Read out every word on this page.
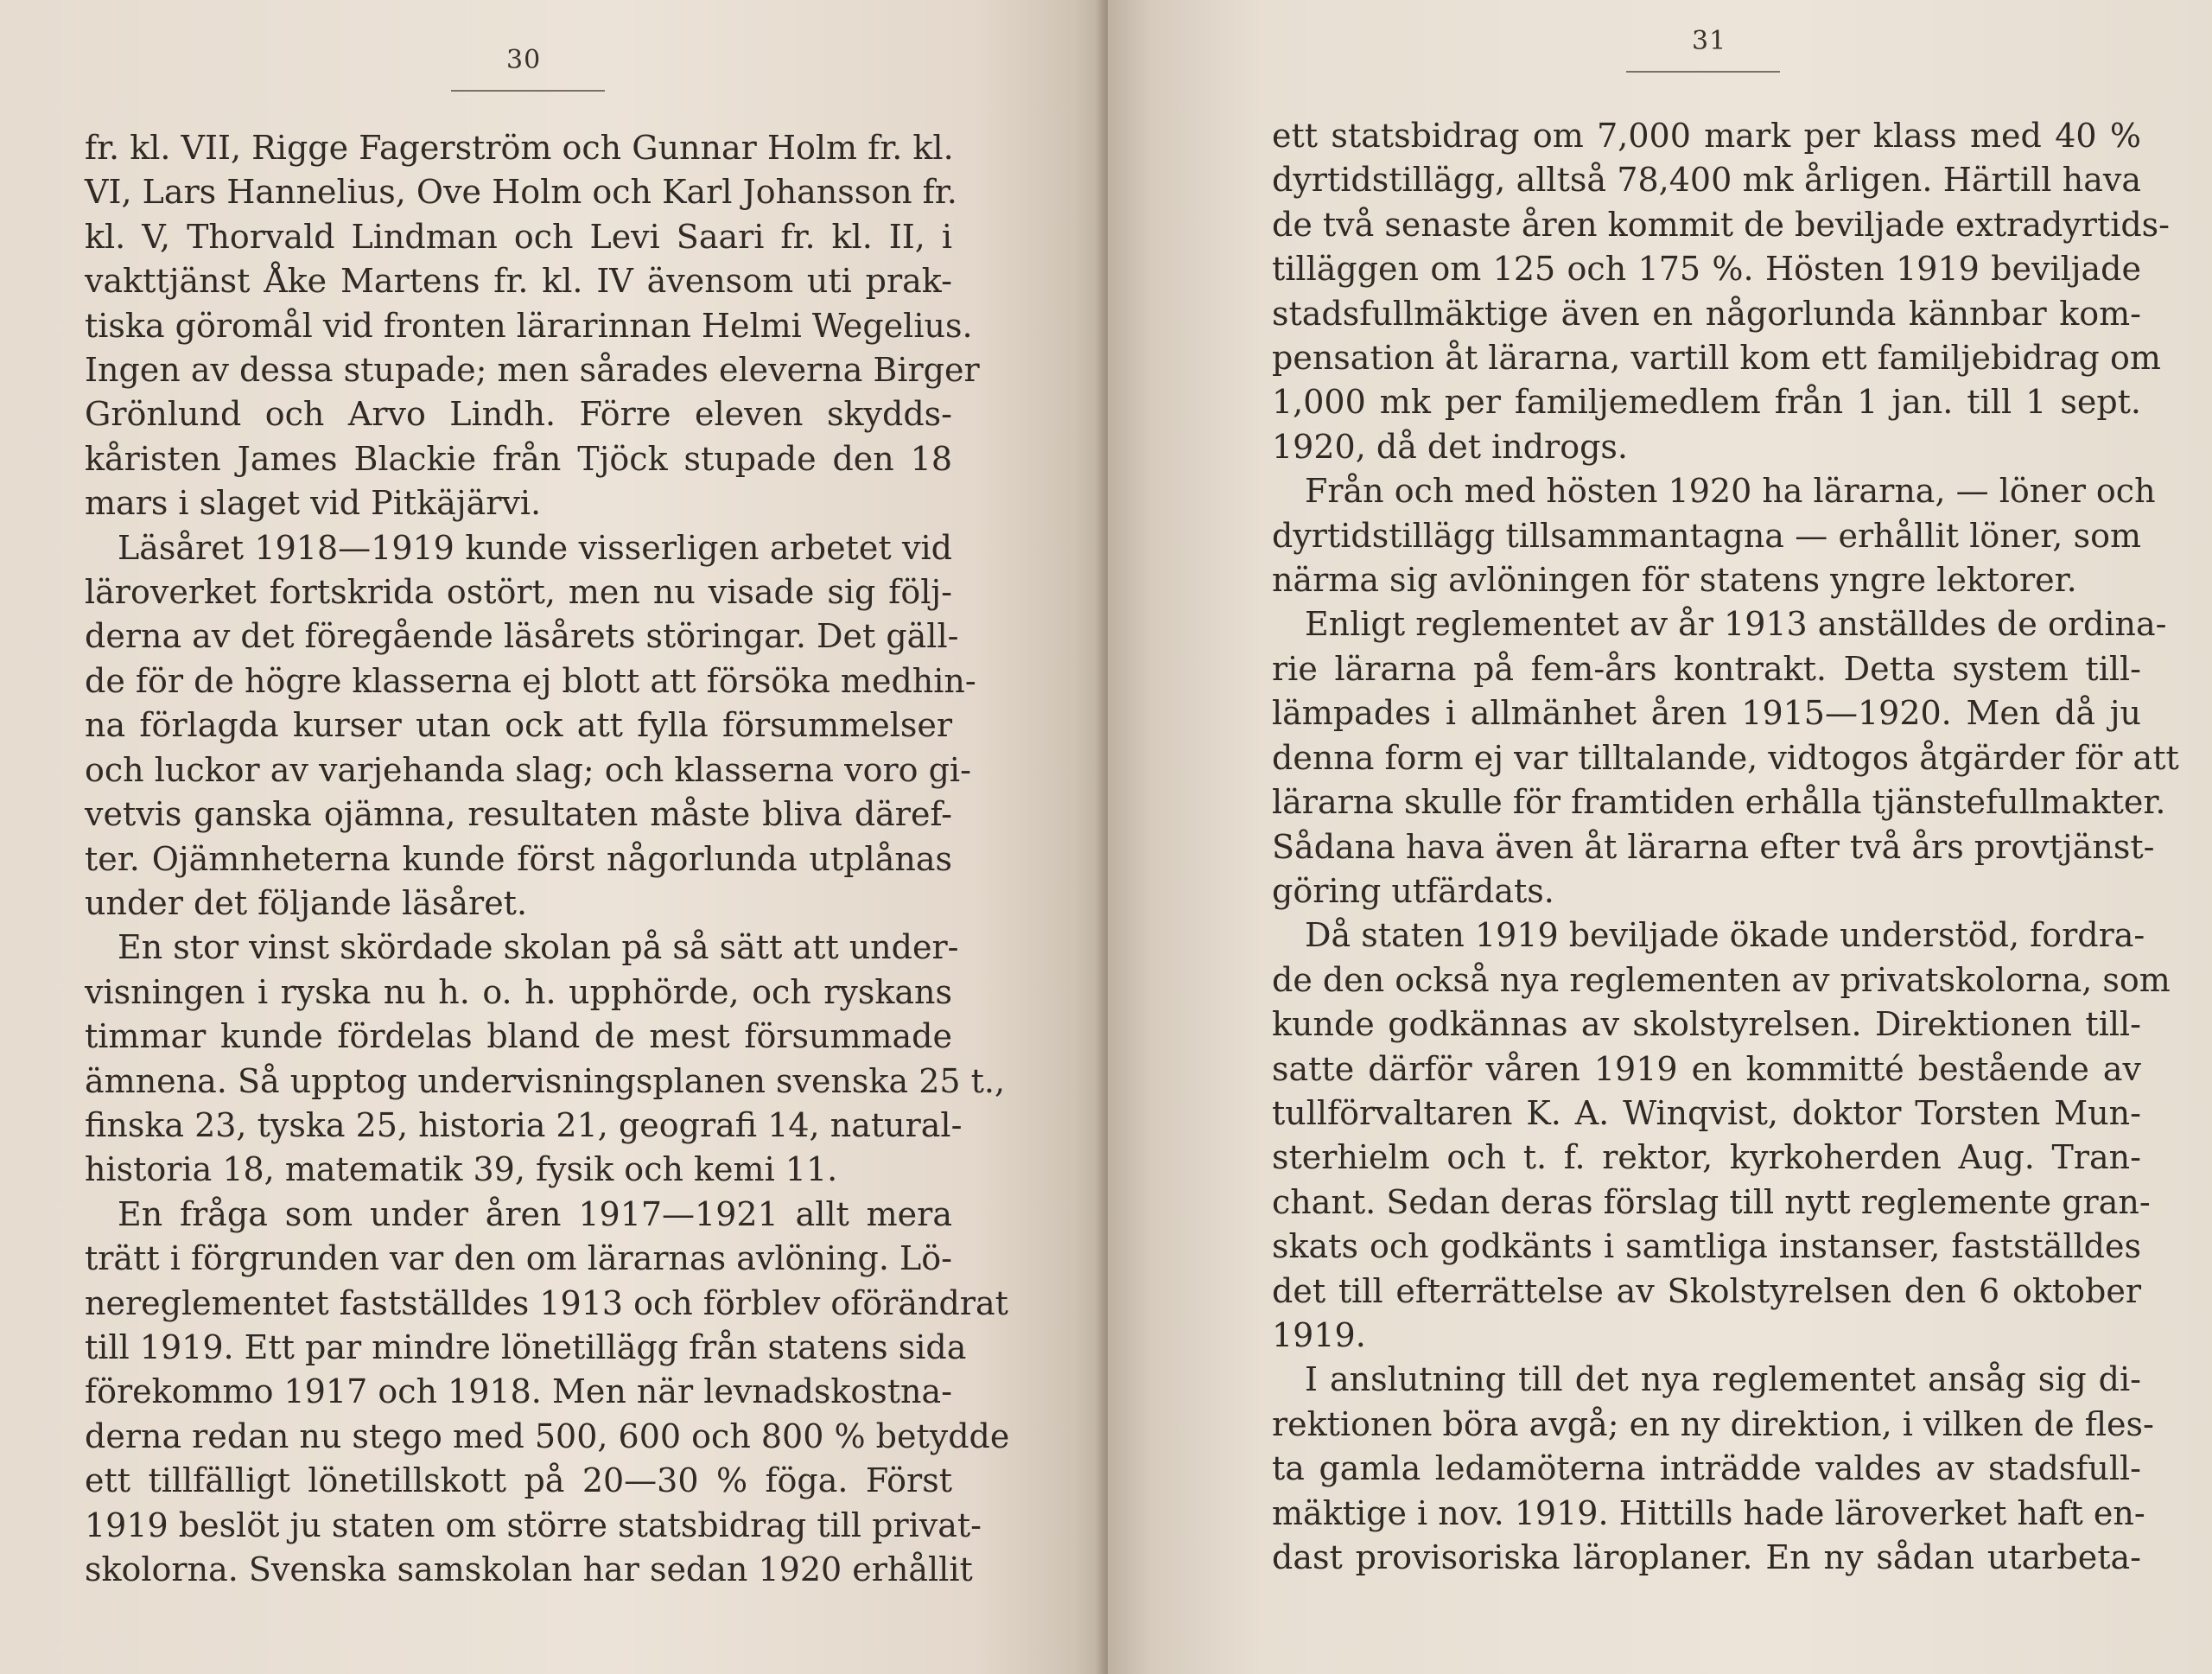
30
fr. kl. VII, Rigge Fagerström och Gunnar Holm fr. kl.
VI, Lars Hannelius, Ove Holm och Karl Johansson fr.
kl. V, Thorvald Lindman och Levi Saari fr. kl. II, i
vakttjänst Åke Martens fr. kl. IV ävensom uti prak-
tiska göromål vid fronten lärarinnan Helmi Wegelius.
Ingen av dessa stupade; men sårades eleverna Birger
Grönlund och Arvo Lindh. Förre eleven skydds-
kåristen James Blackie från Tjöck stupade den 18
mars i slaget vid Pitkäjärvi.
Läsåret 1918—1919 kunde visserligen arbetet vid
läroverket fortskrida ostört, men nu visade sig följ-
derna av det föregående läsårets störingar. Det gäll-
de för de högre klasserna ej blott att försöka medhin-
na förlagda kurser utan ock att fylla försummelser
och luckor av varjehanda slag; och klasserna voro gi-
vetvis ganska ojämna, resultaten måste bliva däref-
ter. Ojämnheterna kunde först någorlunda utplånas
under det följande läsåret.
En stor vinst skördade skolan på så sätt att under-
visningen i ryska nu h. o. h. upphörde, och ryskans
timmar kunde fördelas bland de mest försummade
ämnena. Så upptog undervisningsplanen svenska 25 t.,
finska 23, tyska 25, historia 21, geografi 14, natural-
historia 18, matematik 39, fysik och kemi 11.
En fråga som under åren 1917—1921 allt mera
trätt i förgrunden var den om lärarnas avlöning. Lö-
nereglementet fastställdes 1913 och förblev oförändrat
till 1919. Ett par mindre lönetillägg från statens sida
förekommo 1917 och 1918. Men när levnadskostna-
derna redan nu stego med 500, 600 och 800 % betydde
ett tillfälligt lönetillskott på 20—30 % föga. Först
1919 beslöt ju staten om större statsbidrag till privat-
skolorna. Svenska samskolan har sedan 1920 erhållit
31
ett statsbidrag om 7,000 mark per klass med 40 %
dyrtidstillägg, alltså 78,400 mk årligen. Härtill hava
de två senaste åren kommit de beviljade extradyrtids-
tilläggen om 125 och 175 %. Hösten 1919 beviljade
stadsfullmäktige även en någorlunda kännbar kom-
pensation åt lärarna, vartill kom ett familjebidrag om
1,000 mk per familjemedlem från 1 jan. till 1 sept.
1920, då det indrogs.
Från och med hösten 1920 ha lärarna, — löner och
dyrtidstillägg tillsammantagna — erhållit löner, som
närma sig avlöningen för statens yngre lektorer.
Enligt reglementet av år 1913 anställdes de ordina-
rie lärarna på fem-års kontrakt. Detta system till-
lämpades i allmänhet åren 1915—1920. Men då ju
denna form ej var tilltalande, vidtogos åtgärder för att
lärarna skulle för framtiden erhålla tjänstefullmakter.
Sådana hava även åt lärarna efter två års provtjänst-
göring utfärdats.
Då staten 1919 beviljade ökade understöd, fordra-
de den också nya reglementen av privatskolorna, som
kunde godkännas av skolstyrelsen. Direktionen till-
satte därför våren 1919 en kommitté bestående av
tullförvaltaren K. A. Winqvist, doktor Torsten Mun-
sterhielm och t. f. rektor, kyrkoherden Aug. Tran-
chant. Sedan deras förslag till nytt reglemente gran-
skats och godkänts i samtliga instanser, fastställdes
det till efterrättelse av Skolstyrelsen den 6 oktober
1919.
I anslutning till det nya reglementet ansåg sig di-
rektionen böra avgå; en ny direktion, i vilken de fles-
ta gamla ledamöterna inträdde valdes av stadsfull-
mäktige i nov. 1919. Hittills hade läroverket haft en-
dast provisoriska läroplaner. En ny sådan utarbeta-
